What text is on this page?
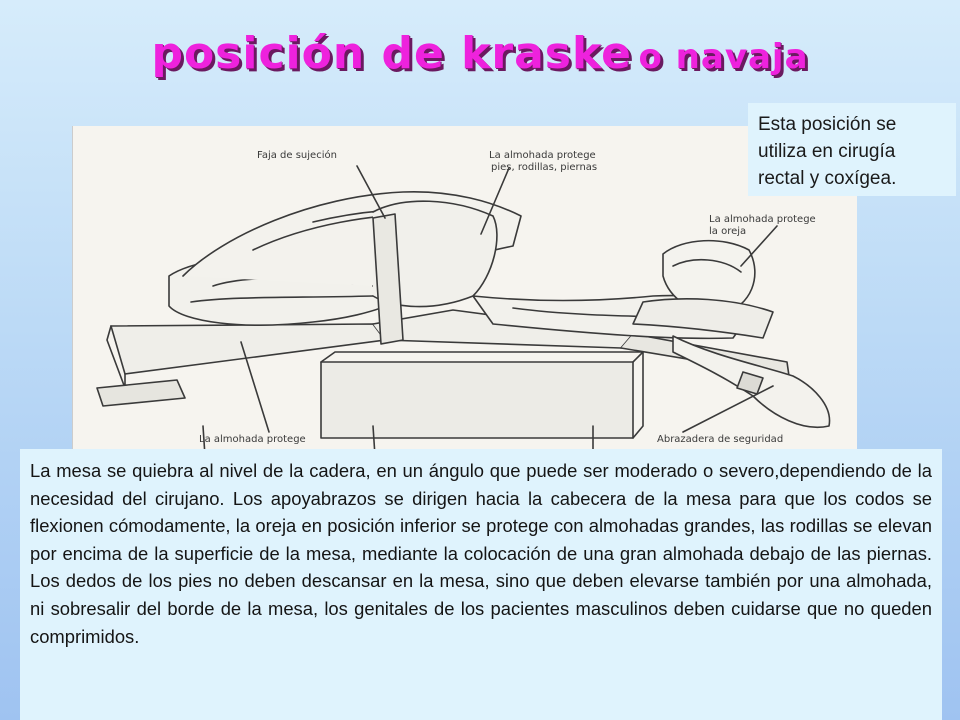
posición de kraske o navaja
Faja de sujeción	La almohada protege
pies, rodillas, piernas
La almohada protege
la oreja
La almohada protege	Abrazadera de seguridad
Esta posición se utiliza en cirugía rectal y coxígea.
La mesa se quiebra al nivel de la cadera, en un ángulo que puede ser moderado o severo,dependiendo de la necesidad del cirujano. Los apoyabrazos se dirigen hacia la cabecera de la mesa para que los codos se flexionen cómodamente, la oreja en posición inferior se protege con almohadas grandes, las rodillas se elevan por encima de la superficie de la mesa, mediante la colocación de una gran almohada debajo de las piernas. Los dedos de los pies no deben descansar en la mesa, sino que deben elevarse también por una almohada, ni sobresalir del borde de la mesa, los genitales de los pacientes masculinos deben cuidarse que no queden comprimidos.
